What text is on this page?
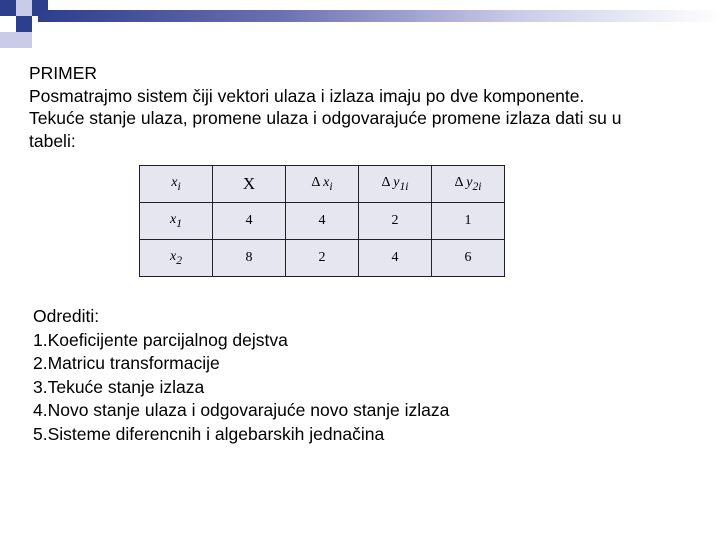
PRIMER
Posmatrajmo sistem čiji vektori ulaza i izlaza imaju po dve komponente.
Tekuće stanje ulaza, promene ulaza i odgovarajuće promene izlaza dati su u
tabeli:
$x_i$	X	Δ $x_i$	Δ $y_{1i}$	Δ $y_{2i}$
$x_1$	4	4	2	1
$x_2$	8	2	4	6
Odrediti:
1.Koeficijente parcijalnog dejstva
2.Matricu transformacije
3.Tekuće stanje izlaza
4.Novo stanje ulaza i odgovarajuće novo stanje izlaza
5.Sisteme diferencnih i algebarskih jednačina
